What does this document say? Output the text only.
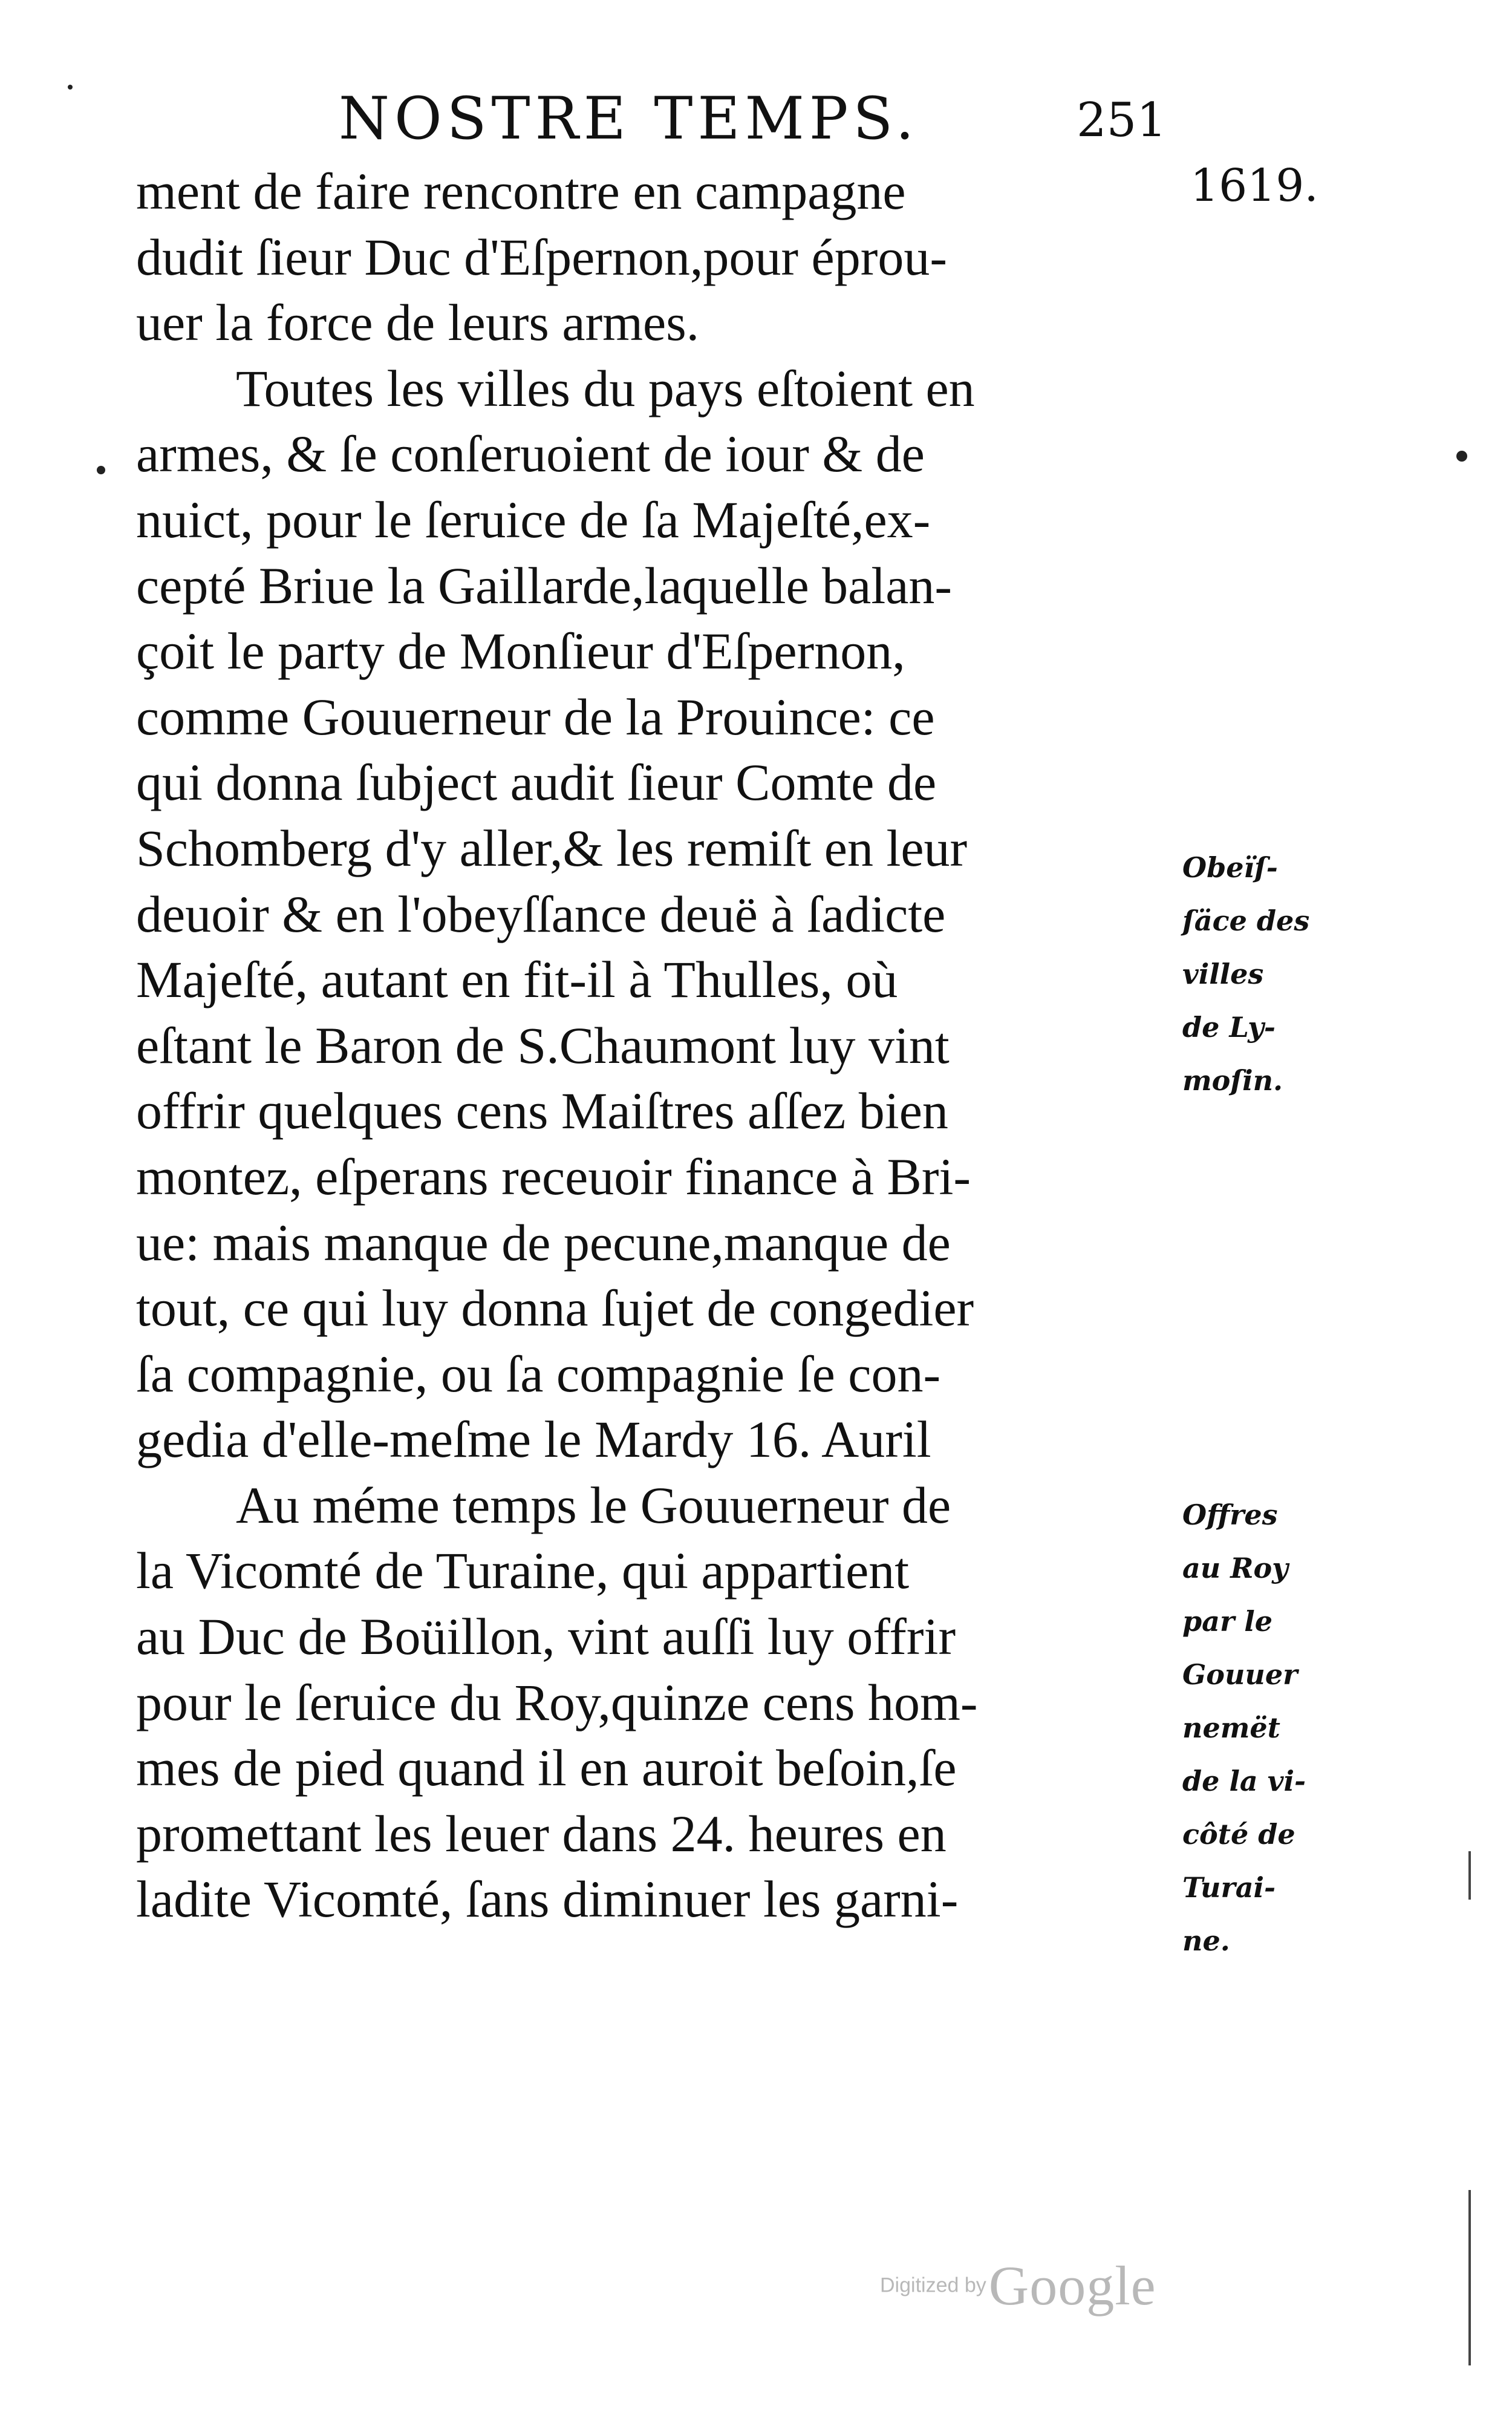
NOSTRE TEMPS.	251
1619.
ment de faire rencontre en campagne
dudit ſieur Duc d'Eſpernon,pour éprou-
uer la force de leurs armes.
Toutes les villes du pays eſtoient en
armes, & ſe conſeruoient de iour & de
nuict, pour le ſeruice de ſa Majeſté,ex-
cepté Briue la Gaillarde,laquelle balan-
çoit le party de Monſieur d'Eſpernon,
comme Gouuerneur de la Prouince: ce
qui donna ſubject audit ſieur Comte de
Schomberg d'y aller,& les remiſt en leur
deuoir & en l'obeyſſance deuë à ſadicte
Majeſté, autant en fit-il à Thulles, où
eſtant le Baron de S.Chaumont luy vint
offrir quelques cens Maiſtres aſſez bien
montez, eſperans receuoir finance à Bri-
ue: mais manque de pecune,manque de
tout, ce qui luy donna ſujet de congedier
ſa compagnie, ou ſa compagnie ſe con-
gedia d'elle-meſme le Mardy 16. Auril
Au méme temps le Gouuerneur de
la Vicomté de Turaine, qui appartient
au Duc de Boüillon, vint auſſi luy offrir
pour le ſeruice du Roy,quinze cens hom-
mes de pied quand il en auroit beſoin,ſe
promettant les leuer dans 24. heures en
ladite Vicomté, ſans diminuer les garni-
Obeïſ-
ſäce des
villes
de Ly-
moſin.
Offres
au Roy
par le
Gouuer
nemët
de la vi-
côté de
Turai-
ne.
Digitized by Google
